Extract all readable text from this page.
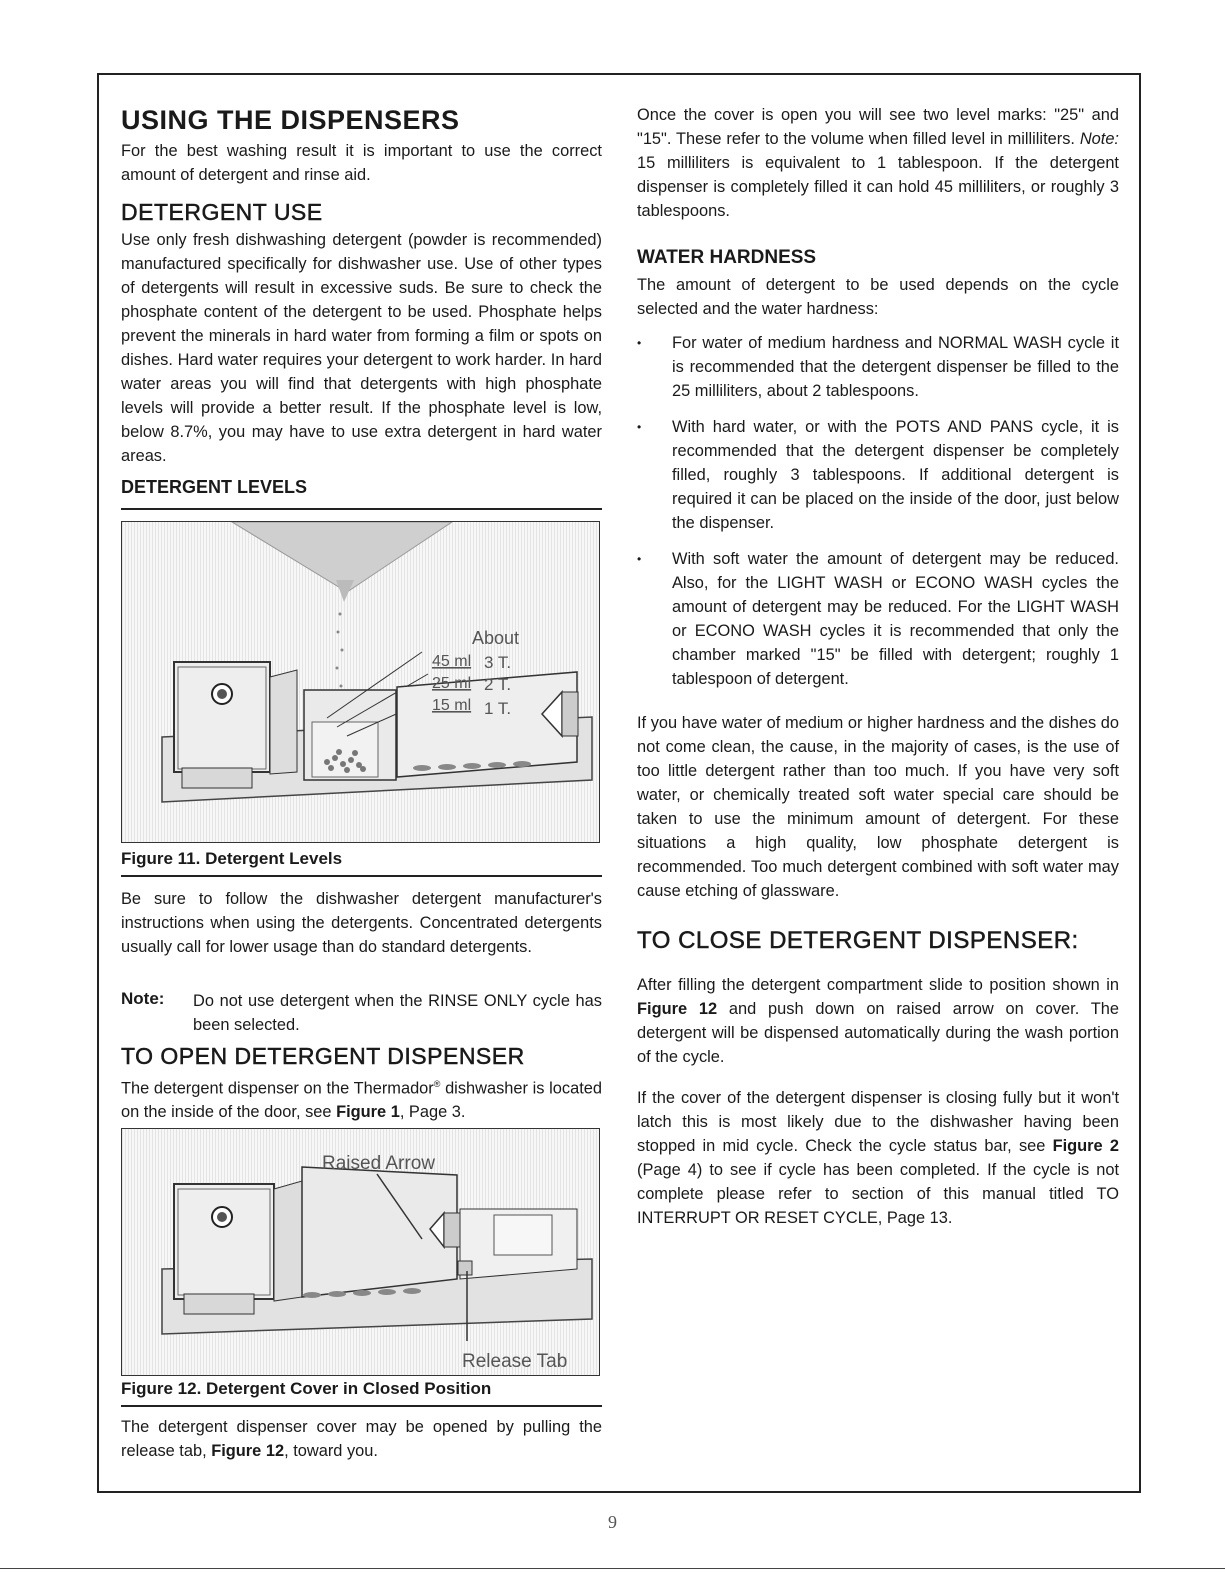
USING THE DISPENSERS

For the best washing result it is important to use the correct amount of detergent and rinse aid.

DETERGENT USE

Use only fresh dishwashing detergent (powder is recommended) manufactured specifically for dishwasher use. Use of other types of detergents will result in excessive suds. Be sure to check the phosphate content of the detergent to be used. Phosphate helps prevent the minerals in hard water from forming a film or spots on dishes. Hard water requires your detergent to work harder. In hard water areas you will find that detergents with high phosphate levels will provide a better result. If the phosphate level is low, below 8.7%, you may have to use extra detergent in hard water areas.

DETERGENT LEVELS
About
45 ml 3 T.
25 ml 2 T.
15 ml 1 T.
Figure 11. Detergent Levels

Be sure to follow the dishwasher detergent manufacturer's instructions when using the detergents. Concentrated detergents usually call for lower usage than do standard detergents.

Note: Do not use detergent when the RINSE ONLY cycle has been selected.

TO OPEN DETERGENT DISPENSER

The detergent dispenser on the Thermador® dishwasher is located on the inside of the door, see Figure 1, Page 3.

Raised Arrow
Release Tab
Figure 12. Detergent Cover in Closed Position

The detergent dispenser cover may be opened by pulling the release tab, Figure 12, toward you.

Once the cover is open you will see two level marks: "25" and "15". These refer to the volume when filled level in milliliters. Note: 15 milliliters is equivalent to 1 tablespoon. If the detergent dispenser is completely filled it can hold 45 milliliters, or roughly 3 tablespoons.

WATER HARDNESS

The amount of detergent to be used depends on the cycle selected and the water hardness:

• For water of medium hardness and NORMAL WASH cycle it is recommended that the detergent dispenser be filled to the 25 milliliters, about 2 tablespoons.
• With hard water, or with the POTS AND PANS cycle, it is recommended that the detergent dispenser be completely filled, roughly 3 tablespoons. If additional detergent is required it can be placed on the inside of the door, just below the dispenser.
• With soft water the amount of detergent may be reduced. Also, for the LIGHT WASH or ECONO WASH cycles the amount of detergent may be reduced. For the LIGHT WASH or ECONO WASH cycles it is recommended that only the chamber marked "15" be filled with detergent; roughly 1 tablespoon of detergent.

If you have water of medium or higher hardness and the dishes do not come clean, the cause, in the majority of cases, is the use of too little detergent rather than too much. If you have very soft water, or chemically treated soft water special care should be taken to use the minimum amount of detergent. For these situations a high quality, low phosphate detergent is recommended. Too much detergent combined with soft water may cause etching of glassware.

TO CLOSE DETERGENT DISPENSER:

After filling the detergent compartment slide to position shown in Figure 12 and push down on raised arrow on cover. The detergent will be dispensed automatically during the wash portion of the cycle.

If the cover of the detergent dispenser is closing fully but it won't latch this is most likely due to the dishwasher having been stopped in mid cycle. Check the cycle status bar, see Figure 2 (Page 4) to see if cycle has been completed. If the cycle is not complete please refer to section of this manual titled TO INTERRUPT OR RESET CYCLE, Page 13.

9
